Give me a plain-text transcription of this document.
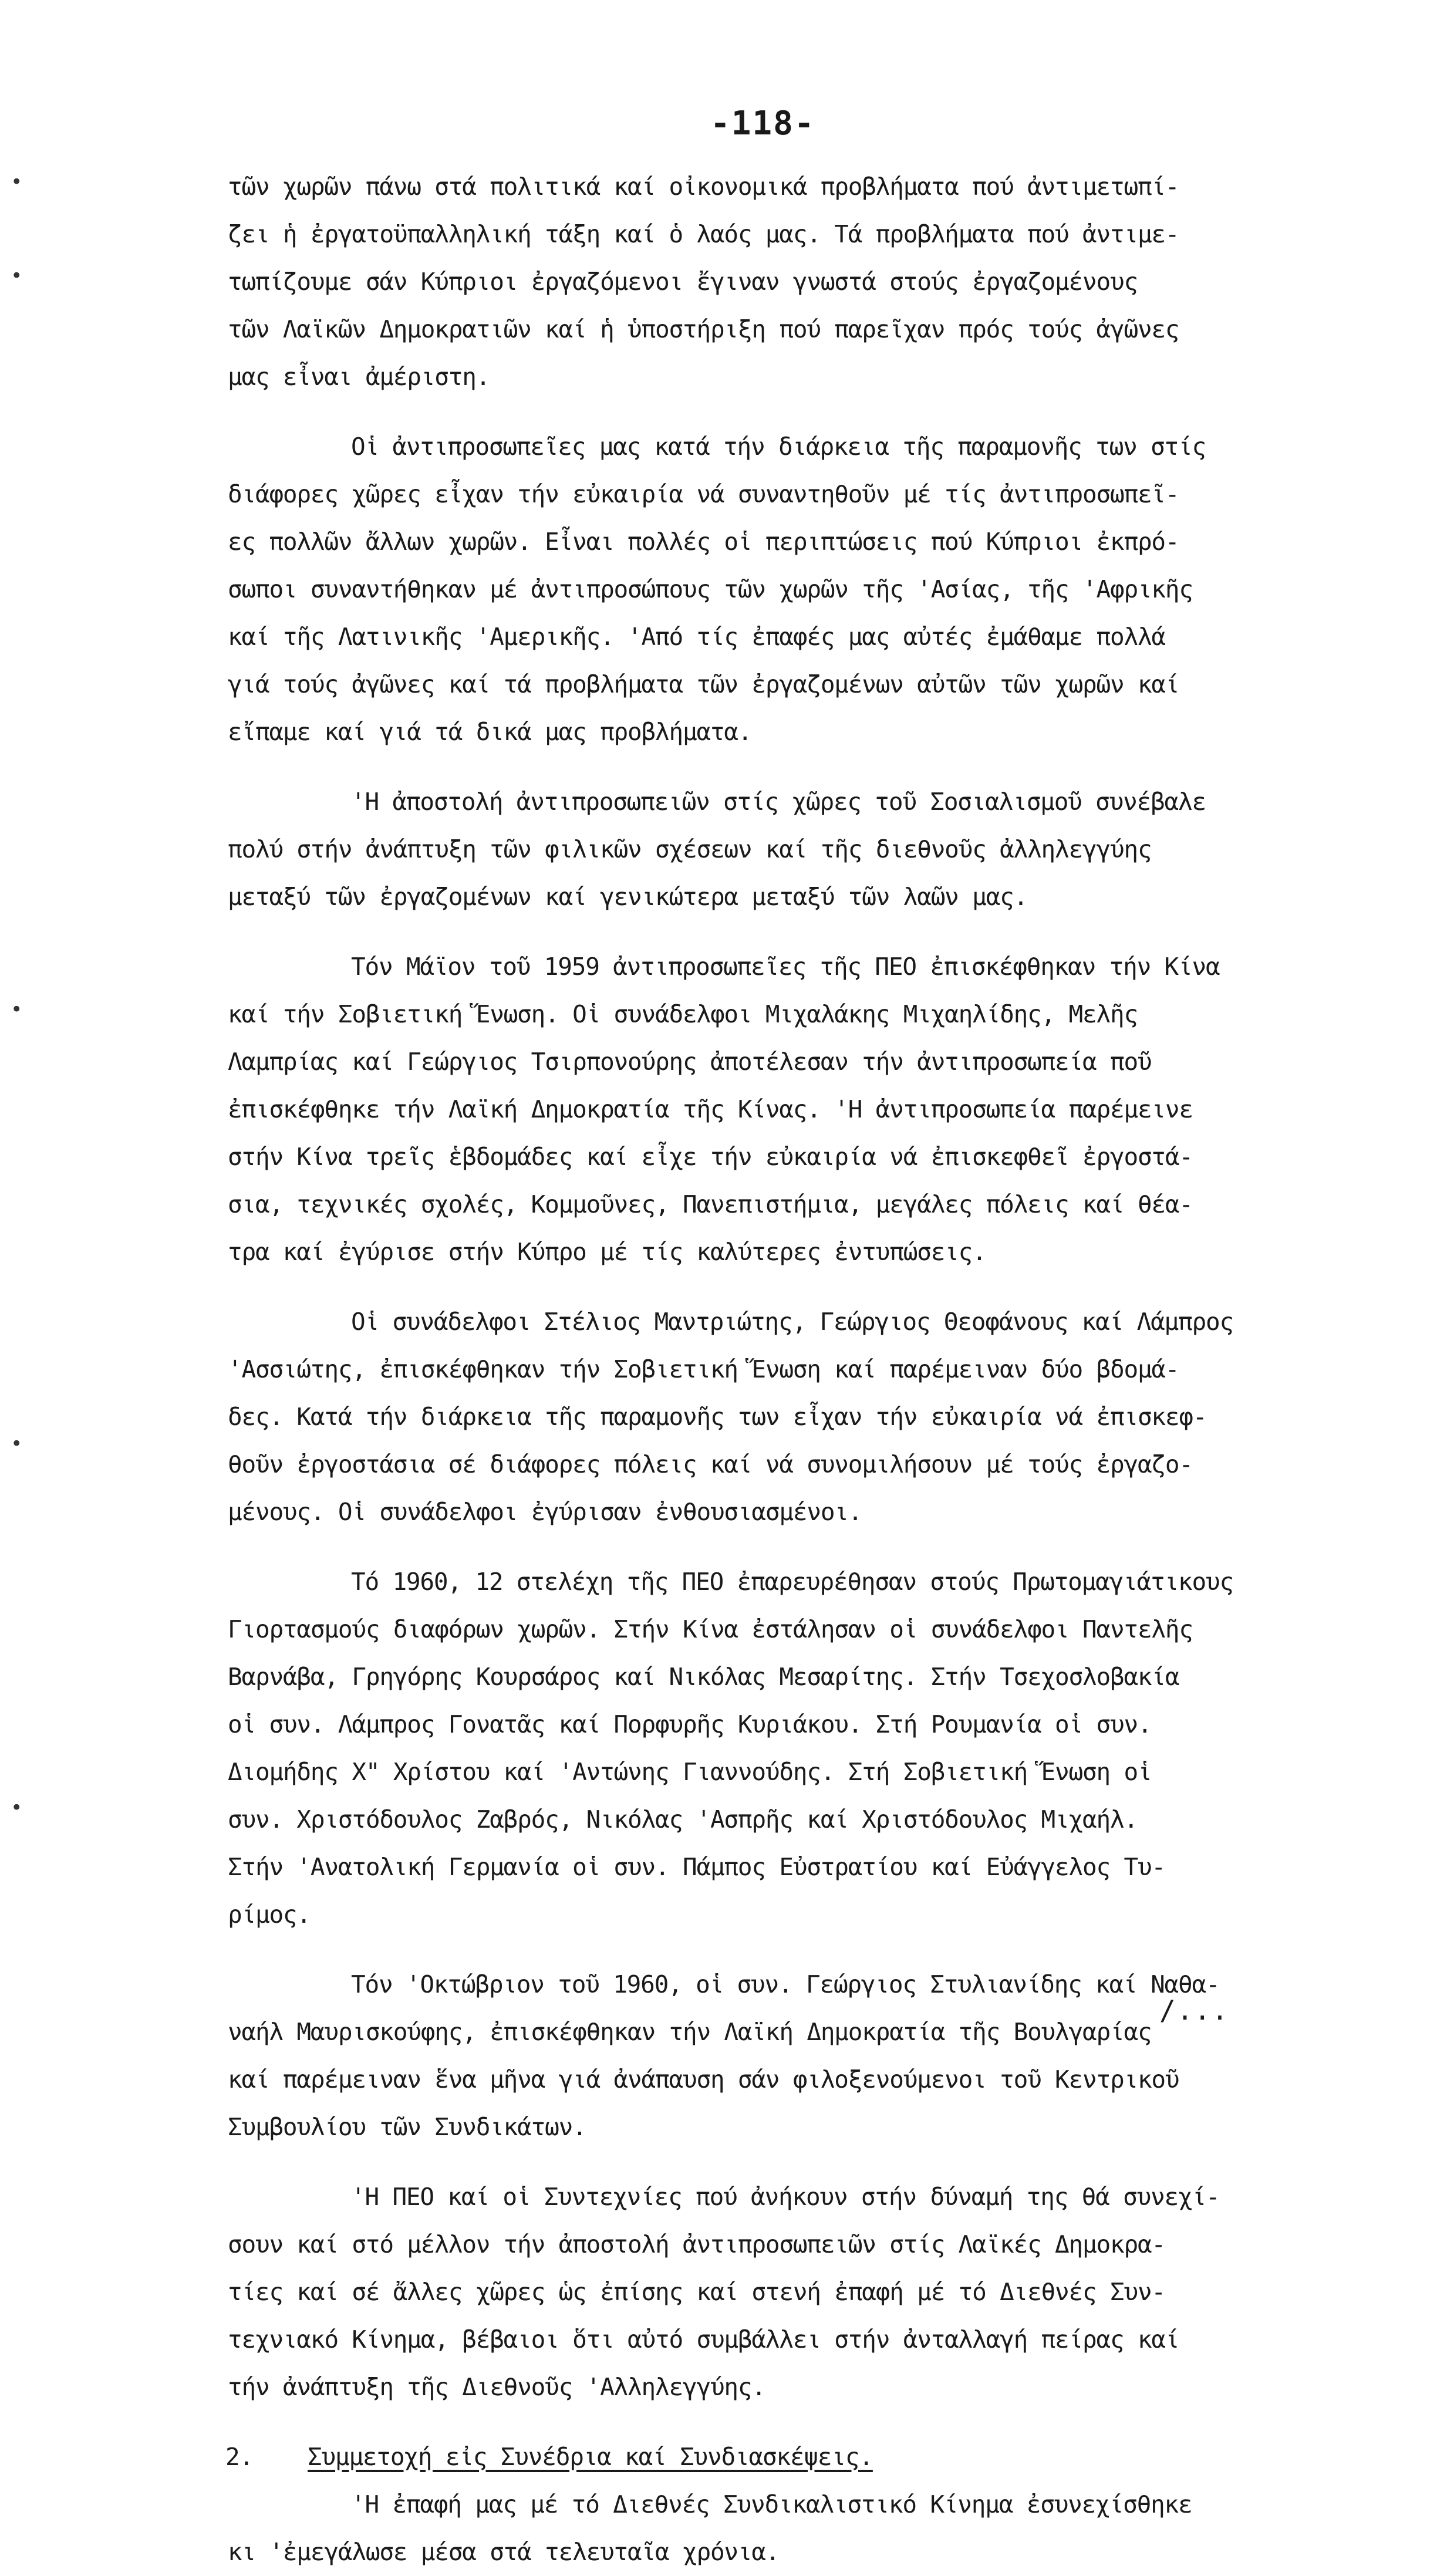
-118-
τῶν χωρῶν πάνω στά πολιτικά καί οἰκονομικά προβλήματα πού ἀντιμετωπί-
ζει ἡ ἐργατοϋπαλληλική τάξη καί ὁ λαός μας. Τά προβλήματα πού ἀντιμε-
τωπίζουμε σάν Κύπριοι ἐργαζόμενοι ἔγιναν γνωστά στούς ἐργαζομένους
τῶν Λαϊκῶν Δημοκρατιῶν καί ἡ ὑποστήριξη πού παρεῖχαν πρός τούς ἀγῶνες
μας εἶναι ἀμέριστη.
Οἱ ἀντιπροσωπεῖες μας κατά τήν διάρκεια τῆς παραμονῆς των στίς
διάφορες χῶρες εἶχαν τήν εὐκαιρία νά συναντηθοῦν μέ τίς ἀντιπροσωπεῖ-
ες πολλῶν ἄλλων χωρῶν. Εἶναι πολλές οἱ περιπτώσεις πού Κύπριοι ἐκπρό-
σωποι συναντήθηκαν μέ ἀντιπροσώπους τῶν χωρῶν τῆς 'Ασίας, τῆς 'Αφρικῆς
καί τῆς Λατινικῆς 'Αμερικῆς. 'Από τίς ἐπαφές μας αὐτές ἐμάθαμε πολλά
γιά τούς ἀγῶνες καί τά προβλήματα τῶν ἐργαζομένων αὐτῶν τῶν χωρῶν καί
εἴπαμε καί γιά τά δικά μας προβλήματα.
'Η ἀποστολή ἀντιπροσωπειῶν στίς χῶρες τοῦ Σοσιαλισμοῦ συνέβαλε
πολύ στήν ἀνάπτυξη τῶν φιλικῶν σχέσεων καί τῆς διεθνοῦς ἀλληλεγγύης
μεταξύ τῶν ἐργαζομένων καί γενικώτερα μεταξύ τῶν λαῶν μας.
Τόν Μάϊον τοῦ 1959 ἀντιπροσωπεῖες τῆς ΠΕΟ ἐπισκέφθηκαν τήν Κίνα
καί τήν Σοβιετική Ἕνωση. Οἱ συνάδελφοι Μιχαλάκης Μιχαηλίδης, Μελῆς
Λαμπρίας καί Γεώργιος Τσιρπονούρης ἀποτέλεσαν τήν ἀντιπροσωπεία ποῦ
ἐπισκέφθηκε τήν Λαϊκή Δημοκρατία τῆς Κίνας. 'Η ἀντιπροσωπεία παρέμεινε
στήν Κίνα τρεῖς ἑβδομάδες καί εἶχε τήν εὐκαιρία νά ἐπισκεφθεῖ ἐργοστά-
σια, τεχνικές σχολές, Κομμοῦνες, Πανεπιστήμια, μεγάλες πόλεις καί θέα-
τρα καί ἐγύρισε στήν Κύπρο μέ τίς καλύτερες ἐντυπώσεις.
Οἱ συνάδελφοι Στέλιος Μαντριώτης, Γεώργιος Θεοφάνους καί Λάμπρος
'Ασσιώτης, ἐπισκέφθηκαν τήν Σοβιετική Ἕνωση καί παρέμειναν δύο βδομά-
δες. Κατά τήν διάρκεια τῆς παραμονῆς των εἶχαν τήν εὐκαιρία νά ἐπισκεφ-
θοῦν ἐργοστάσια σέ διάφορες πόλεις καί νά συνομιλήσουν μέ τούς ἐργαζο-
μένους. Οἱ συνάδελφοι ἐγύρισαν ἐνθουσιασμένοι.
Τό 1960, 12 στελέχη τῆς ΠΕΟ ἐπαρευρέθησαν στούς Πρωτομαγιάτικους
Γιορτασμούς διαφόρων χωρῶν. Στήν Κίνα ἐστάλησαν οἱ συνάδελφοι Παντελῆς
Βαρνάβα, Γρηγόρης Κουρσάρος καί Νικόλας Μεσαρίτης. Στήν Τσεχοσλοβακία
οἱ συν. Λάμπρος Γονατᾶς καί Πορφυρῆς Κυριάκου. Στή Ρουμανία οἱ συν.
Διομήδης Χ" Χρίστου καί 'Αντώνης Γιαννούδης. Στή Σοβιετική Ἕνωση οἱ
συν. Χριστόδουλος Ζαβρός, Νικόλας 'Ασπρῆς καί Χριστόδουλος Μιχαήλ.
Στήν 'Ανατολική Γερμανία οἱ συν. Πάμπος Εὐστρατίου καί Εὐάγγελος Τυ-
ρίμος.
Τόν 'Οκτώβριον τοῦ 1960, οἱ συν. Γεώργιος Στυλιανίδης καί Ναθα-
ναήλ Μαυρισκούφης, ἐπισκέφθηκαν τήν Λαϊκή Δημοκρατία τῆς Βουλγαρίας
καί παρέμειναν ἕνα μῆνα γιά ἀνάπαυση σάν φιλοξενούμενοι τοῦ Κεντρικοῦ
Συμβουλίου τῶν Συνδικάτων.
'Η ΠΕΟ καί οἱ Συντεχνίες πού ἀνήκουν στήν δύναμή της θά συνεχί-
σουν καί στό μέλλον τήν ἀποστολή ἀντιπροσωπειῶν στίς Λαϊκές Δημοκρα-
τίες καί σέ ἄλλες χῶρες ὡς ἐπίσης καί στενή ἐπαφή μέ τό Διεθνές Συν-
τεχνιακό Κίνημα, βέβαιοι ὅτι αὐτό συμβάλλει στήν ἀνταλλαγή πείρας καί
τήν ἀνάπτυξη τῆς Διεθνοῦς 'Αλληλεγγύης.
2. Συμμετοχή εἰς Συνέδρια καί Συνδιασκέψεις.
'Η ἐπαφή μας μέ τό Διεθνές Συνδικαλιστικό Κίνημα ἐσυνεχίσθηκε
κι 'ἐμεγάλωσε μέσα στά τελευταῖα χρόνια.
/...
•
•
•
•
•
